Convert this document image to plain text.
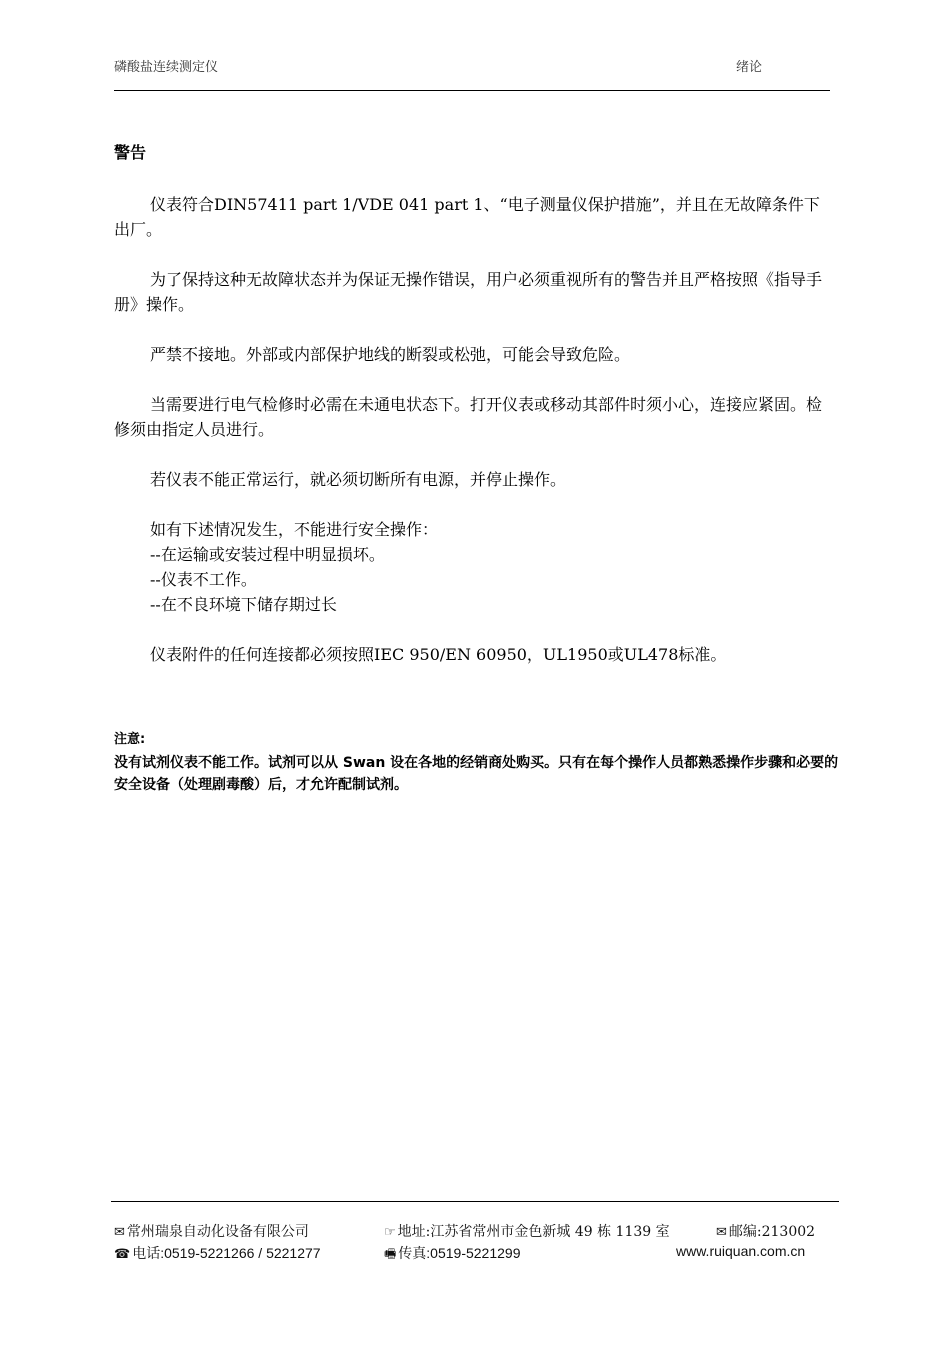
磷酸盐连续测定仪	绪论
警告

仪表符合DIN57411 part 1/VDE 041 part 1、“电子测量仪保护措施”，并且在无故障条件下出厂。

为了保持这种无故障状态并为保证无操作错误，用户必须重视所有的警告并且严格按照《指导手册》操作。

严禁不接地。外部或内部保护地线的断裂或松弛，可能会导致危险。

当需要进行电气检修时必需在未通电状态下。打开仪表或移动其部件时须小心，连接应紧固。检修须由指定人员进行。

若仪表不能正常运行，就必须切断所有电源，并停止操作。

如有下述情况发生，不能进行安全操作：
--在运输或安装过程中明显损坏。
--仪表不工作。
--在不良环境下储存期过长

仪表附件的任何连接都必须按照IEC 950/EN 60950，UL1950或UL478标准。

注意:
没有试剂仪表不能工作。试剂可以从 Swan 设在各地的经销商处购买。只有在每个操作人员都熟悉操作步骤和必要的安全设备（处理剧毒酸）后，才允许配制试剂。
✉ 常州瑞泉自动化设备有限公司	☞ 地址:江苏省常州市金色新城 49 栋 1139 室	✉ 邮编:213002
☎ 电话:0519-5221266 / 5221277	🖷 传真:0519-5221299	www.ruiquan.com.cn
